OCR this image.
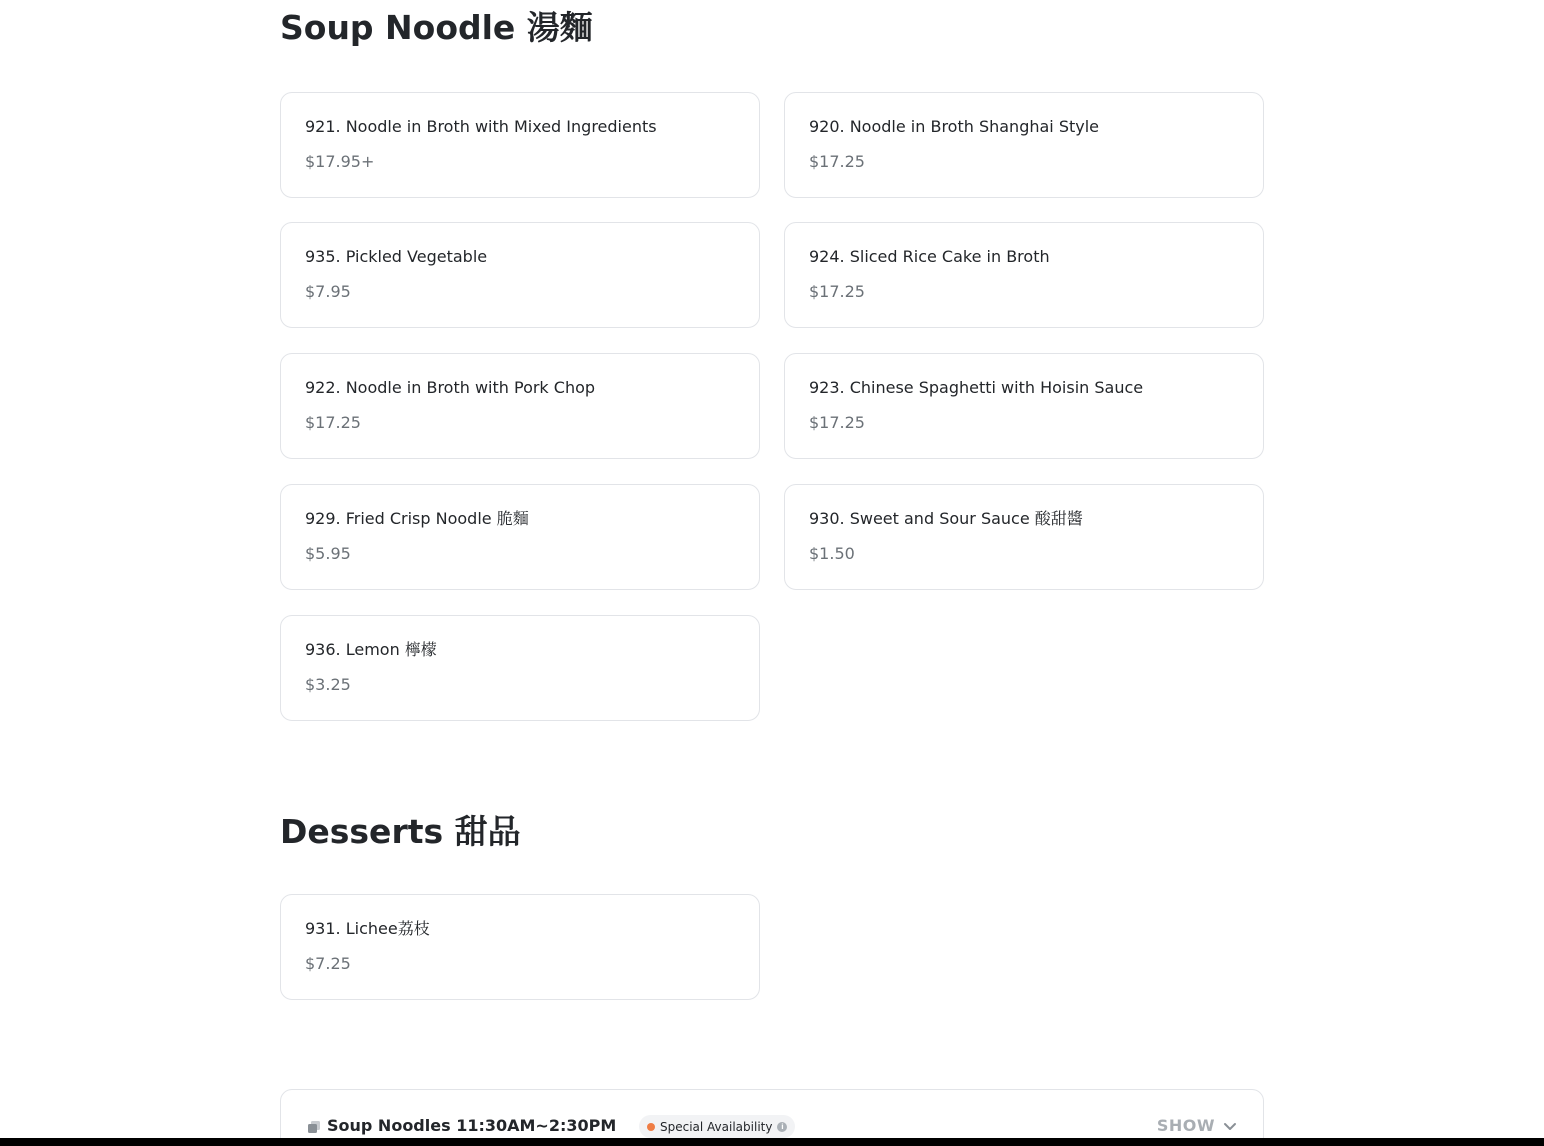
Soup Noodle 湯麵
921. Noodle in Broth with Mixed Ingredients
$17.95+
920. Noodle in Broth Shanghai Style
$17.25
935. Pickled Vegetable
$7.95
924. Sliced Rice Cake in Broth
$17.25
922. Noodle in Broth with Pork Chop
$17.25
923. Chinese Spaghetti with Hoisin Sauce
$17.25
929. Fried Crisp Noodle 脆麵
$5.95
930. Sweet and Sour Sauce 酸甜醬
$1.50
936. Lemon 檸檬
$3.25
Desserts 甜品
931. Lichee荔枝
$7.25
Soup Noodles 11:30AM~2:30PM	Special Availability	i	SHOW
